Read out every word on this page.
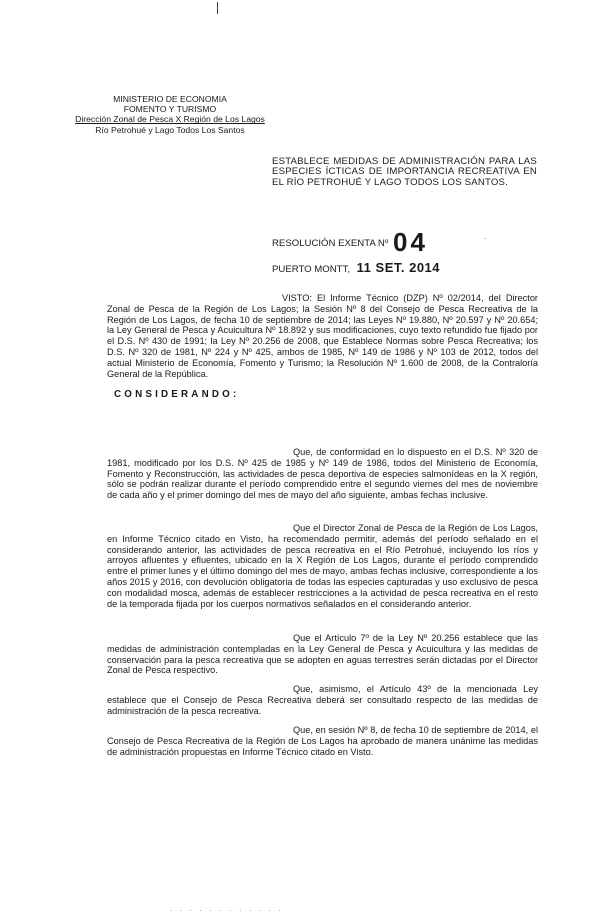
MINISTERIO DE ECONOMIA
FOMENTO Y TURISMO
Dirección Zonal de Pesca X Región de Los Lagos
Río Petrohué y Lago Todos Los Santos
ESTABLECE MEDIDAS DE ADMINISTRACIÓN PARA LAS ESPECIES ÍCTICAS DE IMPORTANCIA RECREATIVA EN EL RÍO PETROHUÉ Y LAGO TODOS LOS SANTOS.
RESOLUCIÓN EXENTA Nº 04	.
PUERTO MONTT, 11 SET. 2014

VISTO: El Informe Técnico (DZP) Nº 02/2014, del Director Zonal de Pesca de la Región de Los Lagos; la Sesión Nº 8 del Consejo de Pesca Recreativa de la Región de Los Lagos, de fecha 10 de septiembre de 2014; las Leyes Nº 19.880, Nº 20.597 y Nº 20.654; la Ley General de Pesca y Acuicultura Nº 18.892 y sus modificaciones, cuyo texto refundido fue fijado por el D.S. Nº 430 de 1991; la Ley Nº 20.256 de 2008, que Establece Normas sobre Pesca Recreativa; los D.S. Nº 320 de 1981, Nº 224 y Nº 425, ambos de 1985, Nº 149 de 1986 y Nº 103 de 2012, todos del actual Ministerio de Economía, Fomento y Turismo; la Resolución Nº 1.600 de 2008, de la Contraloría General de la República.

CONSIDERANDO:

Que, de conformidad en lo dispuesto en el D.S. Nº 320 de 1981, modificado por los D.S. Nº 425 de 1985 y Nº 149 de 1986, todos del Ministerio de Economía, Fomento y Reconstrucción, las actividades de pesca deportiva de especies salmonídeas en la X región, sólo se podrán realizar durante el período comprendido entre el segundo viernes del mes de noviembre de cada año y el primer domingo del mes de mayo del año siguiente, ambas fechas inclusive.

Que el Director Zonal de Pesca de la Región de Los Lagos, en Informe Técnico citado en Visto, ha recomendado permitir, además del período señalado en el considerando anterior, las actividades de pesca recreativa en el Río Petrohué, incluyendo los ríos y arroyos afluentes y efluentes, ubicado en la X Región de Los Lagos, durante el período comprendido entre el primer lunes y el último domingo del mes de mayo, ambas fechas inclusive, correspondiente a los años 2015 y 2016, con devolución obligatoria de todas las especies capturadas y uso exclusivo de pesca con modalidad mosca, además de establecer restricciones a la actividad de pesca recreativa en el resto de la temporada fijada por los cuerpos normativos señalados en el considerando anterior.

Que el Artículo 7º de la Ley Nº 20.256 establece que las medidas de administración contempladas en la Ley General de Pesca y Acuicultura y las medidas de conservación para la pesca recreativa que se adopten en aguas terrestres serán dictadas por el Director Zonal de Pesca respectivo.

Que, asimismo, el Artículo 43º de la mencionada Ley establece que el Consejo de Pesca Recreativa deberá ser consultado respecto de las medidas de administración de la pesca recreativa.

Que, en sesión Nº 8, de fecha 10 de septiembre de 2014, el Consejo de Pesca Recreativa de la Región de Los Lagos ha aprobado de manera unánime las medidas de administración propuestas en Informe Técnico citado en Visto.

. . . . . . . . . . . .
